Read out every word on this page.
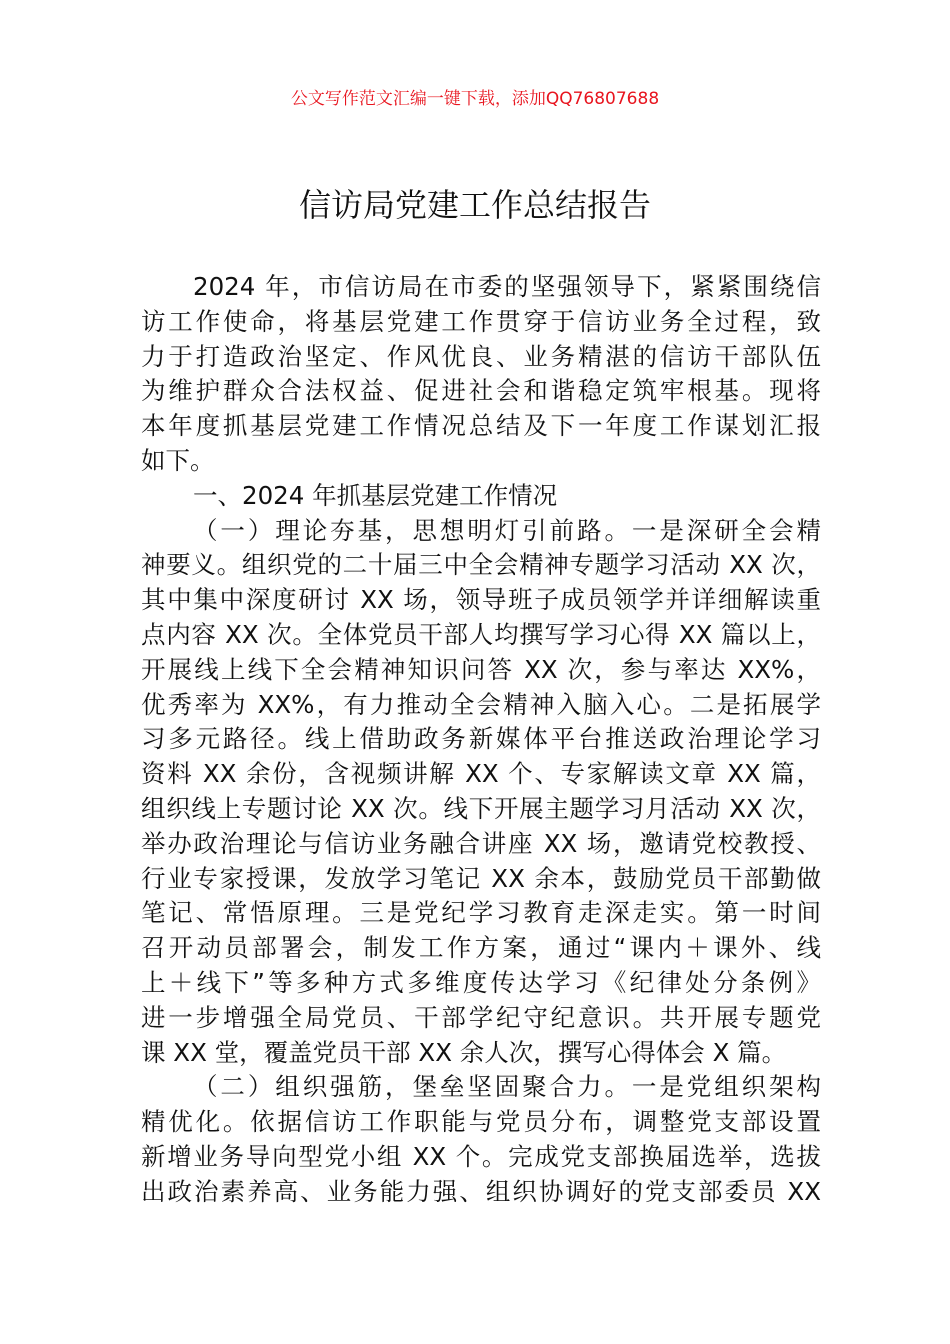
公文写作范文汇编一键下载，添加QQ76807688
信访局党建工作总结报告
2024 年，市信访局在市委的坚强领导下，紧紧围绕信
访工作使命，将基层党建工作贯穿于信访业务全过程，致
力于打造政治坚定、作风优良、业务精湛的信访干部队伍
为维护群众合法权益、促进社会和谐稳定筑牢根基。现将
本年度抓基层党建工作情况总结及下一年度工作谋划汇报
如下。
一、2024 年抓基层党建工作情况
（一）理论夯基，思想明灯引前路。一是深研全会精
神要义。组织党的二十届三中全会精神专题学习活动 XX 次，
其中集中深度研讨 XX 场，领导班子成员领学并详细解读重
点内容 XX 次。全体党员干部人均撰写学习心得 XX 篇以上，
开展线上线下全会精神知识问答 XX 次，参与率达 XX%，
优秀率为 XX%，有力推动全会精神入脑入心。二是拓展学
习多元路径。线上借助政务新媒体平台推送政治理论学习
资料 XX 余份，含视频讲解 XX 个、专家解读文章 XX 篇，
组织线上专题讨论 XX 次。线下开展主题学习月活动 XX 次，
举办政治理论与信访业务融合讲座 XX 场，邀请党校教授、
行业专家授课，发放学习笔记 XX 余本，鼓励党员干部勤做
笔记、常悟原理。三是党纪学习教育走深走实。第一时间
召开动员部署会，制发工作方案，通过“课内＋课外、线
上＋线下”等多种方式多维度传达学习《纪律处分条例》
进一步增强全局党员、干部学纪守纪意识。共开展专题党
课 XX 堂，覆盖党员干部 XX 余人次，撰写心得体会 X 篇。
（二）组织强筋，堡垒坚固聚合力。一是党组织架构
精优化。依据信访工作职能与党员分布，调整党支部设置
新增业务导向型党小组 XX 个。完成党支部换届选举，选拔
出政治素养高、业务能力强、组织协调好的党支部委员 XX
